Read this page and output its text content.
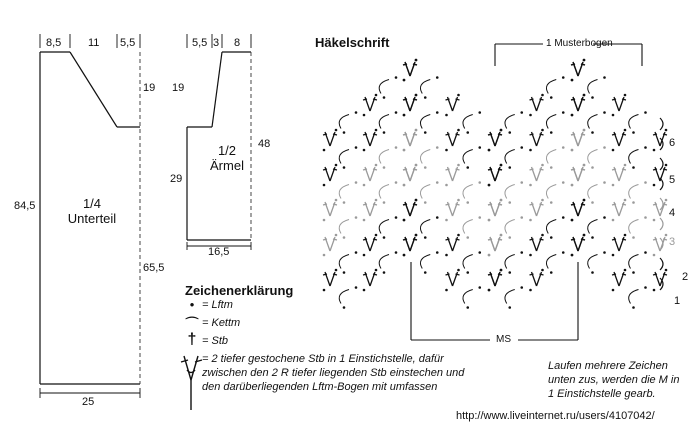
8,5 11 5,5
19
84,5
65,5
25
1/4
Unterteil
5,5 3 8
19
48
29
16,5
1/2
Ärmel
Zeichenerklärung
• = Lftm
⌒ = Kettm
† = Stb
= 2 tiefer gestochene Stb in 1 Einstichstelle, dafür
zwischen den 2 R tiefer liegenden Stb einstechen und
den darüberliegenden Lftm-Bogen mit umfassen
Häkelschrift	1 Musterbogen
MS
6
5
4
3
2
1
Laufen mehrere Zeichen
unten zus, werden die M in
1 Einstichstelle gearb.
http://www.liveinternet.ru/users/4107042/
